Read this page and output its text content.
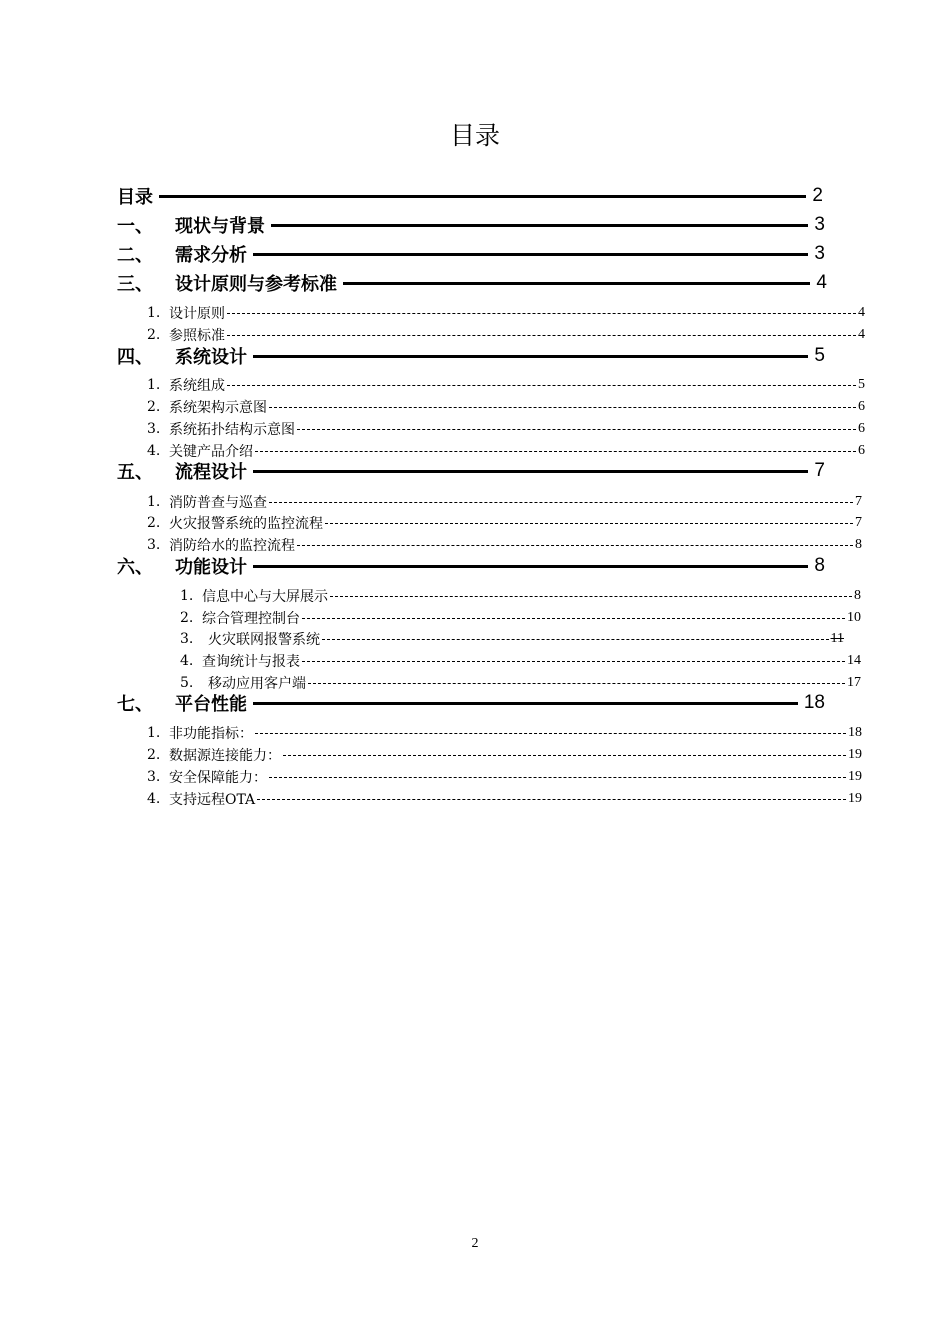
目录
目录	2
一、	现状与背景	3
二、	需求分析	3
三、	设计原则与参考标准	4
1. 设计原则	4
2. 参照标准	4
四、	系统设计	5
1. 系统组成	5
2. 系统架构示意图	6
3. 系统拓扑结构示意图	6
4. 关键产品介绍	6
五、	流程设计	7
1. 消防普查与巡查	7
2. 火灾报警系统的监控流程	7
3. 消防给水的监控流程	8
六、	功能设计	8
1. 信息中心与大屏展示	8
2. 综合管理控制台	10
3.	火灾联网报警系统	11
4. 查询统计与报表	14
5.	移动应用客户端	17
七、	平台性能	18
1. 非功能指标：	18
2. 数据源连接能力：	19
3. 安全保障能力：	19
4. 支持远程OTA	19
2
